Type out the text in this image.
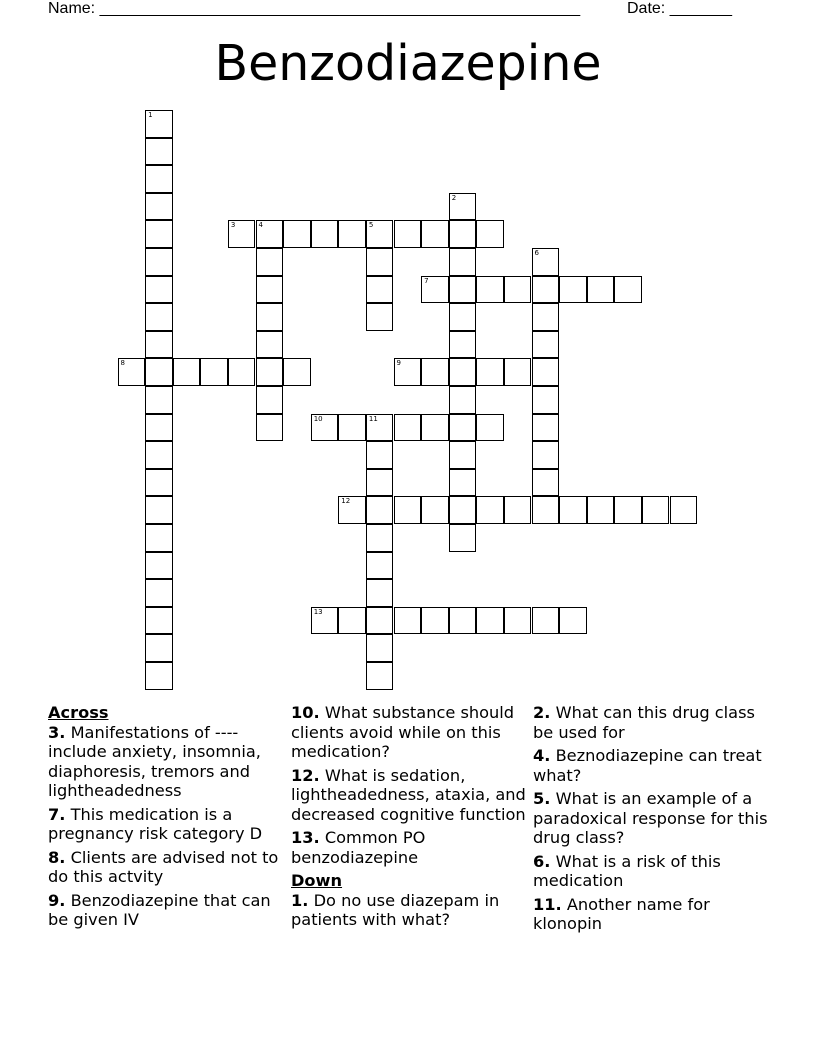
Name: ______________________________________________________	Date: _______
Benzodiazepine
1
2
3	4	5
6
7
8	9
10	11
12
13
Across
3. Manifestations of ---- include anxiety, insomnia, diaphoresis, tremors and lightheadedness
7. This medication is a pregnancy risk category D
8. Clients are advised not to do this actvity
9. Benzodiazepine that can be given IV
10. What substance should clients avoid while on this medication?
12. What is sedation, lightheadedness, ataxia, and decreased cognitive function
13. Common PO benzodiazepine
Down
1. Do no use diazepam in patients with what?
2. What can this drug class be used for
4. Beznodiazepine can treat what?
5. What is an example of a paradoxical response for this drug class?
6. What is a risk of this medication
11. Another name for klonopin
